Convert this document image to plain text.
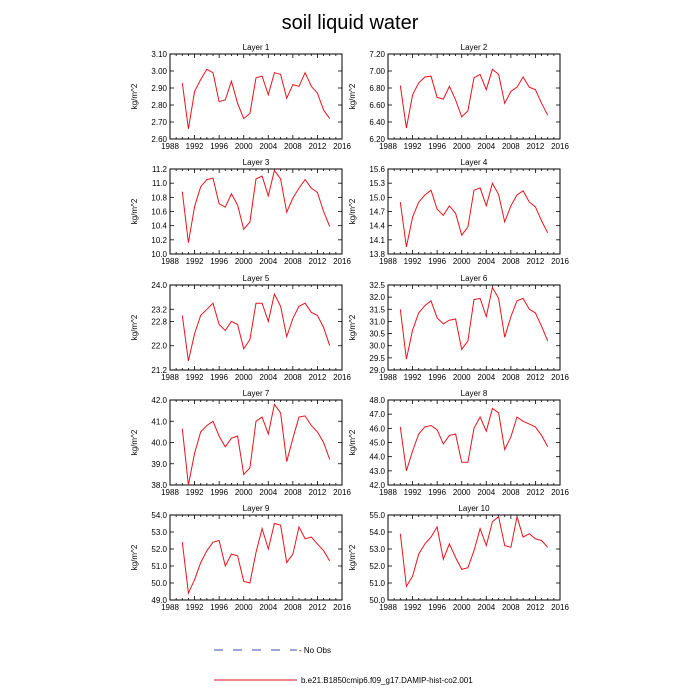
soil liquid water
Layer 1
kg/m^2
1988 1992 1996 2000 2004 2008 2012 2016
2.60
2.70
2.80
2.90
3.00
3.10
Layer 2
kg/m^2
1988 1992 1996 2000 2004 2008 2012 2016
6.20
6.40
6.60
6.80
7.00
7.20
Layer 3
kg/m^2
1988 1992 1996 2000 2004 2008 2012 2016
10.0
10.2
10.4
10.6
10.8
11.0
11.2
Layer 4
kg/m^2
1988 1992 1996 2000 2004 2008 2012 2016
13.8
14.1
14.4
14.7
15.0
15.3
15.6
Layer 5
kg/m^2
1988 1992 1996 2000 2004 2008 2012 2016
21.2
22.0
22.8
23.2
24.0
Layer 6
kg/m^2
1988 1992 1996 2000 2004 2008 2012 2016
29.0
29.5
30.0
30.5
31.0
31.5
32.0
32.5
Layer 7
kg/m^2
1988 1992 1996 2000 2004 2008 2012 2016
38.0
39.0
40.0
41.0
42.0
Layer 8
kg/m^2
1988 1992 1996 2000 2004 2008 2012 2016
42.0
43.0
44.0
45.0
46.0
47.0
48.0
Layer 9
kg/m^2
1988 1992 1996 2000 2004 2008 2012 2016
49.0
50.0
51.0
52.0
53.0
54.0
Layer 10
kg/m^2
1988 1992 1996 2000 2004 2008 2012 2016
50.0
51.0
52.0
53.0
54.0
55.0
- No Obs
b.e21.B1850cmip6.f09_g17.DAMIP-hist-co2.001
